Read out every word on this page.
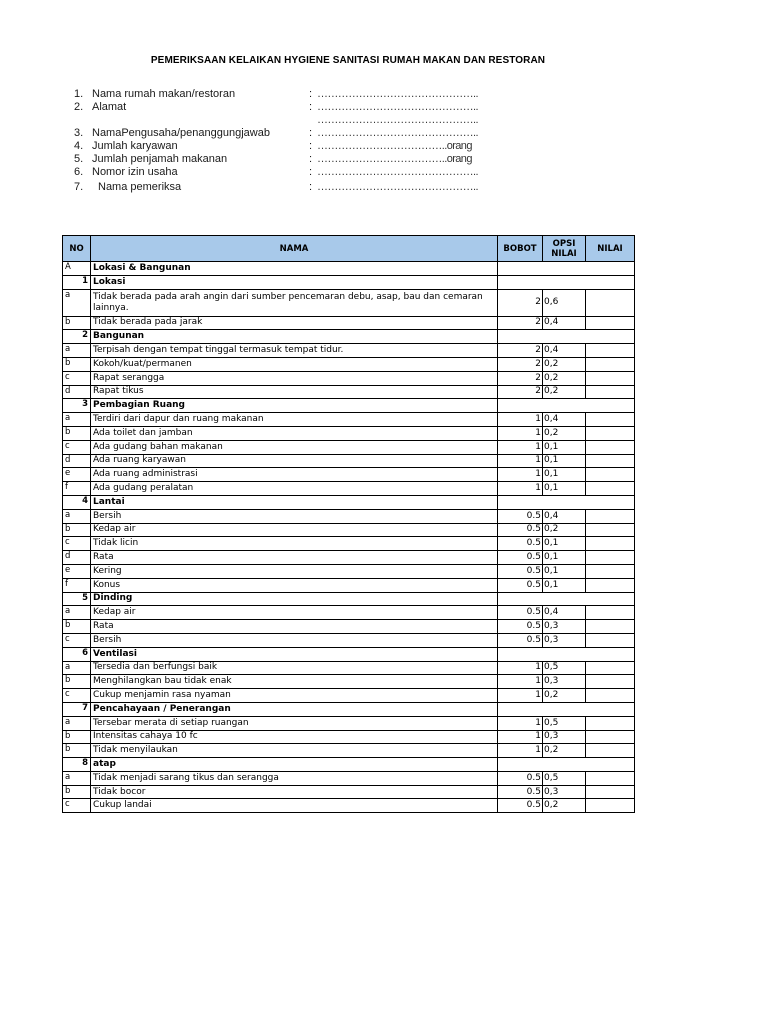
PEMERIKSAAN KELAIKAN HYGIENE SANITASI RUMAH MAKAN DAN RESTORAN
1. Nama rumah makan/restoran	: ………………………………………..
2. Alamat	: ………………………………………..
………………………………………..
3. NamaPengusaha/penanggungjawab	: ………………………………………..
4. Jumlah karyawan	: ………………………………..orang
5. Jumlah penjamah makanan	: ………………………………..orang
6. Nomor izin usaha	: ………………………………………..
7.	Nama pemeriksa	: ………………………………………..
NO	NAMA	BOBOT	OPSI NILAI	NILAI
A	Lokasi & Bangunan			
1	Lokasi			
a	Tidak berada pada arah angin dari sumber pencemaran debu, asap, bau dan cemaran lainnya.	2	0,6	
b	Tidak berada pada jarak	2	0,4	
2	Bangunan			
a	Terpisah dengan tempat tinggal termasuk tempat tidur.	2	0,4	
b	Kokoh/kuat/permanen	2	0,2	
c	Rapat serangga	2	0,2	
d	Rapat tikus	2	0,2	
3	Pembagian Ruang			
a	Terdiri dari dapur dan ruang makanan	1	0,4	
b	Ada toilet dan jamban	1	0,2	
c	Ada gudang bahan makanan	1	0,1	
d	Ada ruang karyawan	1	0,1	
e	Ada ruang administrasi	1	0,1	
f	Ada gudang peralatan	1	0,1	
4	Lantai			
a	Bersih	0.5	0,4	
b	Kedap air	0.5	0,2	
c	Tidak licin	0.5	0,1	
d	Rata	0.5	0,1	
e	Kering	0.5	0,1	
f	Konus	0.5	0,1	
5	Dinding			
a	Kedap air	0.5	0,4	
b	Rata	0.5	0,3	
c	Bersih	0.5	0,3	
6	Ventilasi			
a	Tersedia dan berfungsi baik	1	0,5	
b	Menghilangkan bau tidak enak	1	0,3	
c	Cukup menjamin rasa nyaman	1	0,2	
7	Pencahayaan / Penerangan			
a	Tersebar merata di setiap ruangan	1	0,5	
b	Intensitas cahaya 10 fc	1	0,3	
b	Tidak menyilaukan	1	0,2	
8	atap			
a	Tidak menjadi sarang tikus dan serangga	0.5	0,5	
b	Tidak bocor	0.5	0,3	
c	Cukup landai	0.5	0,2	
